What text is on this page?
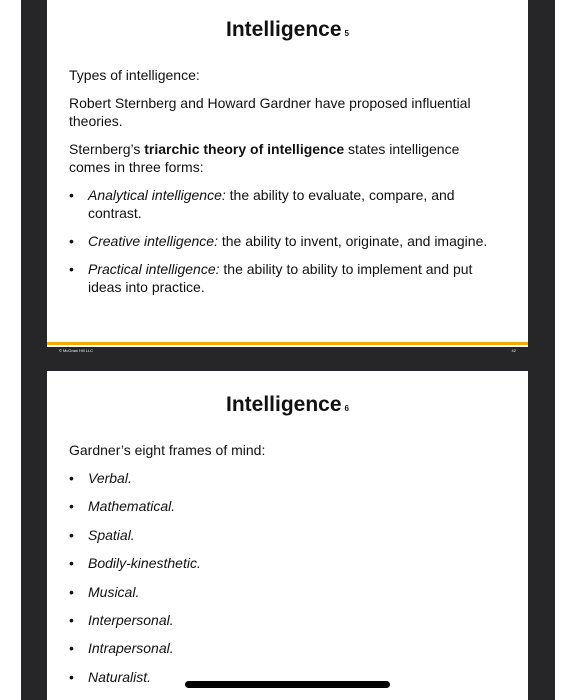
Intelligence 5

Types of intelligence:

Robert Sternberg and Howard Gardner have proposed influential theories.

Sternberg’s triarchic theory of intelligence states intelligence comes in three forms:

• Analytical intelligence: the ability to evaluate, compare, and contrast.
• Creative intelligence: the ability to invent, originate, and imagine.
• Practical intelligence: the ability to ability to implement and put ideas into practice.
© McGraw Hill LLC	42
Intelligence 6

Gardner’s eight frames of mind:

• Verbal.
• Mathematical.
• Spatial.
• Bodily-kinesthetic.
• Musical.
• Interpersonal.
• Intrapersonal.
• Naturalist.
